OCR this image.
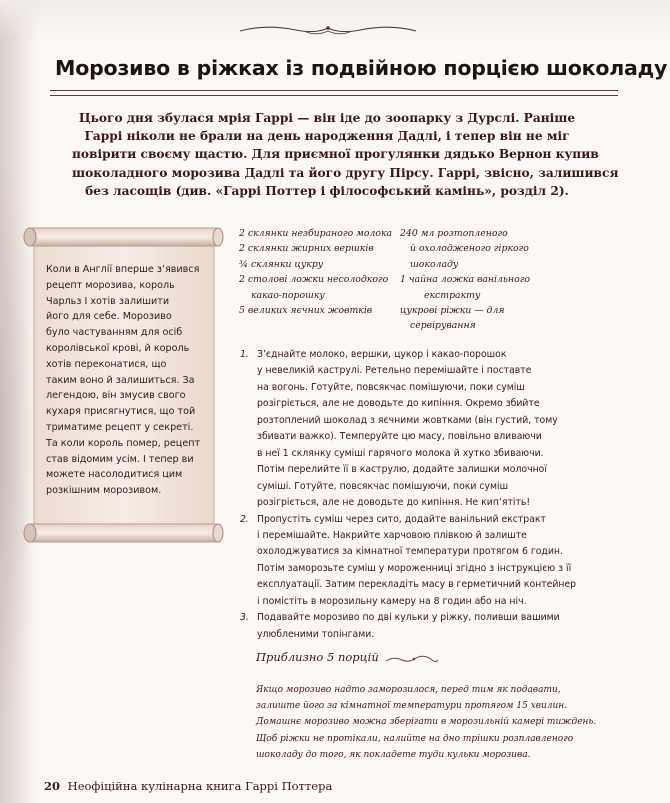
Морозиво в ріжках із подвійною порцією шоколаду
Цього дня збулася мрія Гаррі — він іде до зоопарку з Дурслі. Раніше
Гаррі ніколи не брали на день народження Дадлі, і тепер він не міг
повірити своєму щастю. Для приємної прогулянки дядько Вернон купив
шоколадного морозива Дадлі та його другу Пірсу. Гаррі, звісно, залишився
без ласощів (див. «Гаррі Поттер і філософський камінь», розділ 2).
Коли в Англії вперше з’явився
рецепт морозива, король
Чарльз I хотів залишити
його для себе. Морозиво
було частуванням для осіб
королівської крові, й король
хотів переконатися, що
таким воно й залишиться. За
легендою, він змусив свого
кухаря присягнутися, що той
триматиме рецепт у секреті.
Та коли король помер, рецепт
став відомим усім. І тепер ви
можете насолодитися цим
розкішним морозивом.
2 склянки незбираного молока
2 склянки жирних вершків
¾ склянки цукру
2 столові ложки несолодкого
какао-порошку
5 великих яєчних жовтків
240 мл розтопленого
й охолодженого гіркого
шоколаду
1 чайна ложка ванільного
екстракту
цукрові ріжки — для
сервірування
1. З’єднайте молоко, вершки, цукор і какао-порошок
у невеликій каструлі. Ретельно перемішайте і поставте
на вогонь. Готуйте, повсякчас помішуючи, поки суміш
розігріється, але не доводьте до кипіння. Окремо збийте
розтоплений шоколад з яєчними жовтками (він густий, тому
збивати важко). Темперуйте цю масу, повільно вливаючи
в неї 1 склянку суміші гарячого молока й хутко збиваючи.
Потім перелийте її в каструлю, додайте залишки молочної
суміші. Готуйте, повсякчас помішуючи, поки суміш
розігріється, але не доводьте до кипіння. Не кип’ятіть!
2. Пропустіть суміш через сито, додайте ванільний екстракт
і перемішайте. Накрийте харчовою плівкою й залиште
охолоджуватися за кімнатної температури протягом 6 годин.
Потім заморозьте суміш у мороженниці згідно з інструкцією з її
експлуатації. Затим перекладіть масу в герметичний контейнер
і помістіть в морозильну камеру на 8 годин або на ніч.
3. Подавайте морозиво по дві кульки у ріжку, поливши вашими
улюбленими топінгами.
Приблизно 5 порцій
Якщо морозиво надто заморозилося, перед тим як подавати,
залиште його за кімнатної температури протягом 15 хвилин.
Домашнє морозиво можна зберігати в морозильній камері тиждень.
Щоб ріжки не протікали, налийте на дно трішки розплавленого
шоколаду до того, як покладете туди кульки морозива.
20 Неофіційна кулінарна книга Гаррі Поттера
